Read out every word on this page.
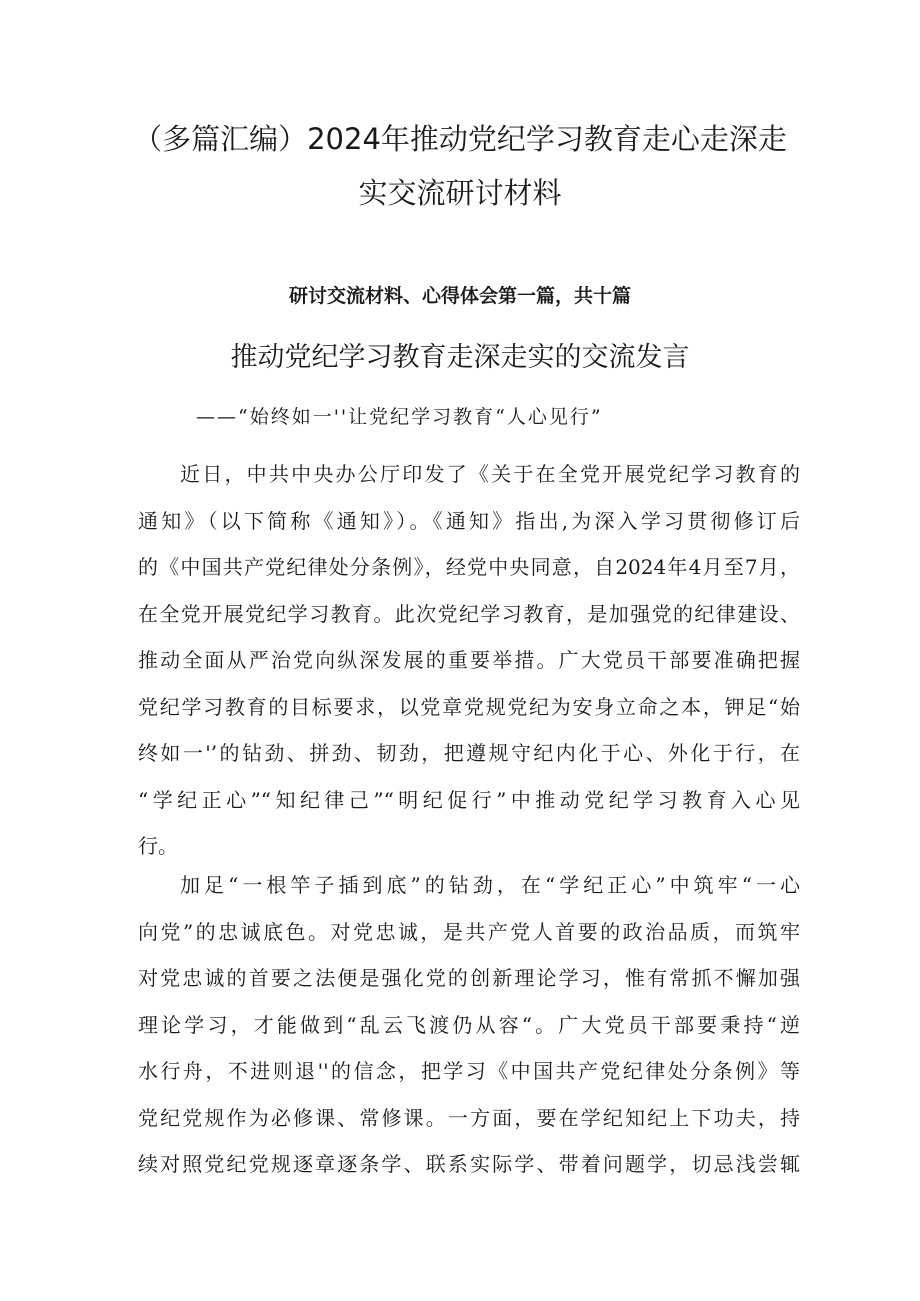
（多篇汇编）2024年推动党纪学习教育走心走深走
实交流研讨材料
研讨交流材料、心得体会第一篇，共十篇
推动党纪学习教育走深走实的交流发言

——“始终如一''让党纪学习教育“人心见行”

近日，中共中央办公厅印发了《关于在全党开展党纪学习教育的
通知》（以下简称《通知》）。《通知》指出,为深入学习贯彻修订后
的《中国共产党纪律处分条例》，经党中央同意，自2024年4月至7月，
在全党开展党纪学习教育。此次党纪学习教育，是加强党的纪律建设、
推动全面从严治党向纵深发展的重要举措。广大党员干部要准确把握
党纪学习教育的目标要求，以党章党规党纪为安身立命之本，钾足“始
终如一'’的钻劲、拼劲、韧劲，把遵规守纪内化于心、外化于行，在
“学纪正心”“知纪律己”“明纪促行”中推动党纪学习教育入心见
行。

加足“一根竿子插到底”的钻劲，在“学纪正心”中筑牢“一心
向党”的忠诚底色。对党忠诚，是共产党人首要的政治品质，而筑牢
对党忠诚的首要之法便是强化党的创新理论学习，惟有常抓不懈加强
理论学习，才能做到“乱云飞渡仍从容“。广大党员干部要秉持“逆
水行舟，不进则退''的信念，把学习《中国共产党纪律处分条例》等
党纪党规作为必修课、常修课。一方面，要在学纪知纪上下功夫，持
续对照党纪党规逐章逐条学、联系实际学、带着问题学，切忌浅尝辄
